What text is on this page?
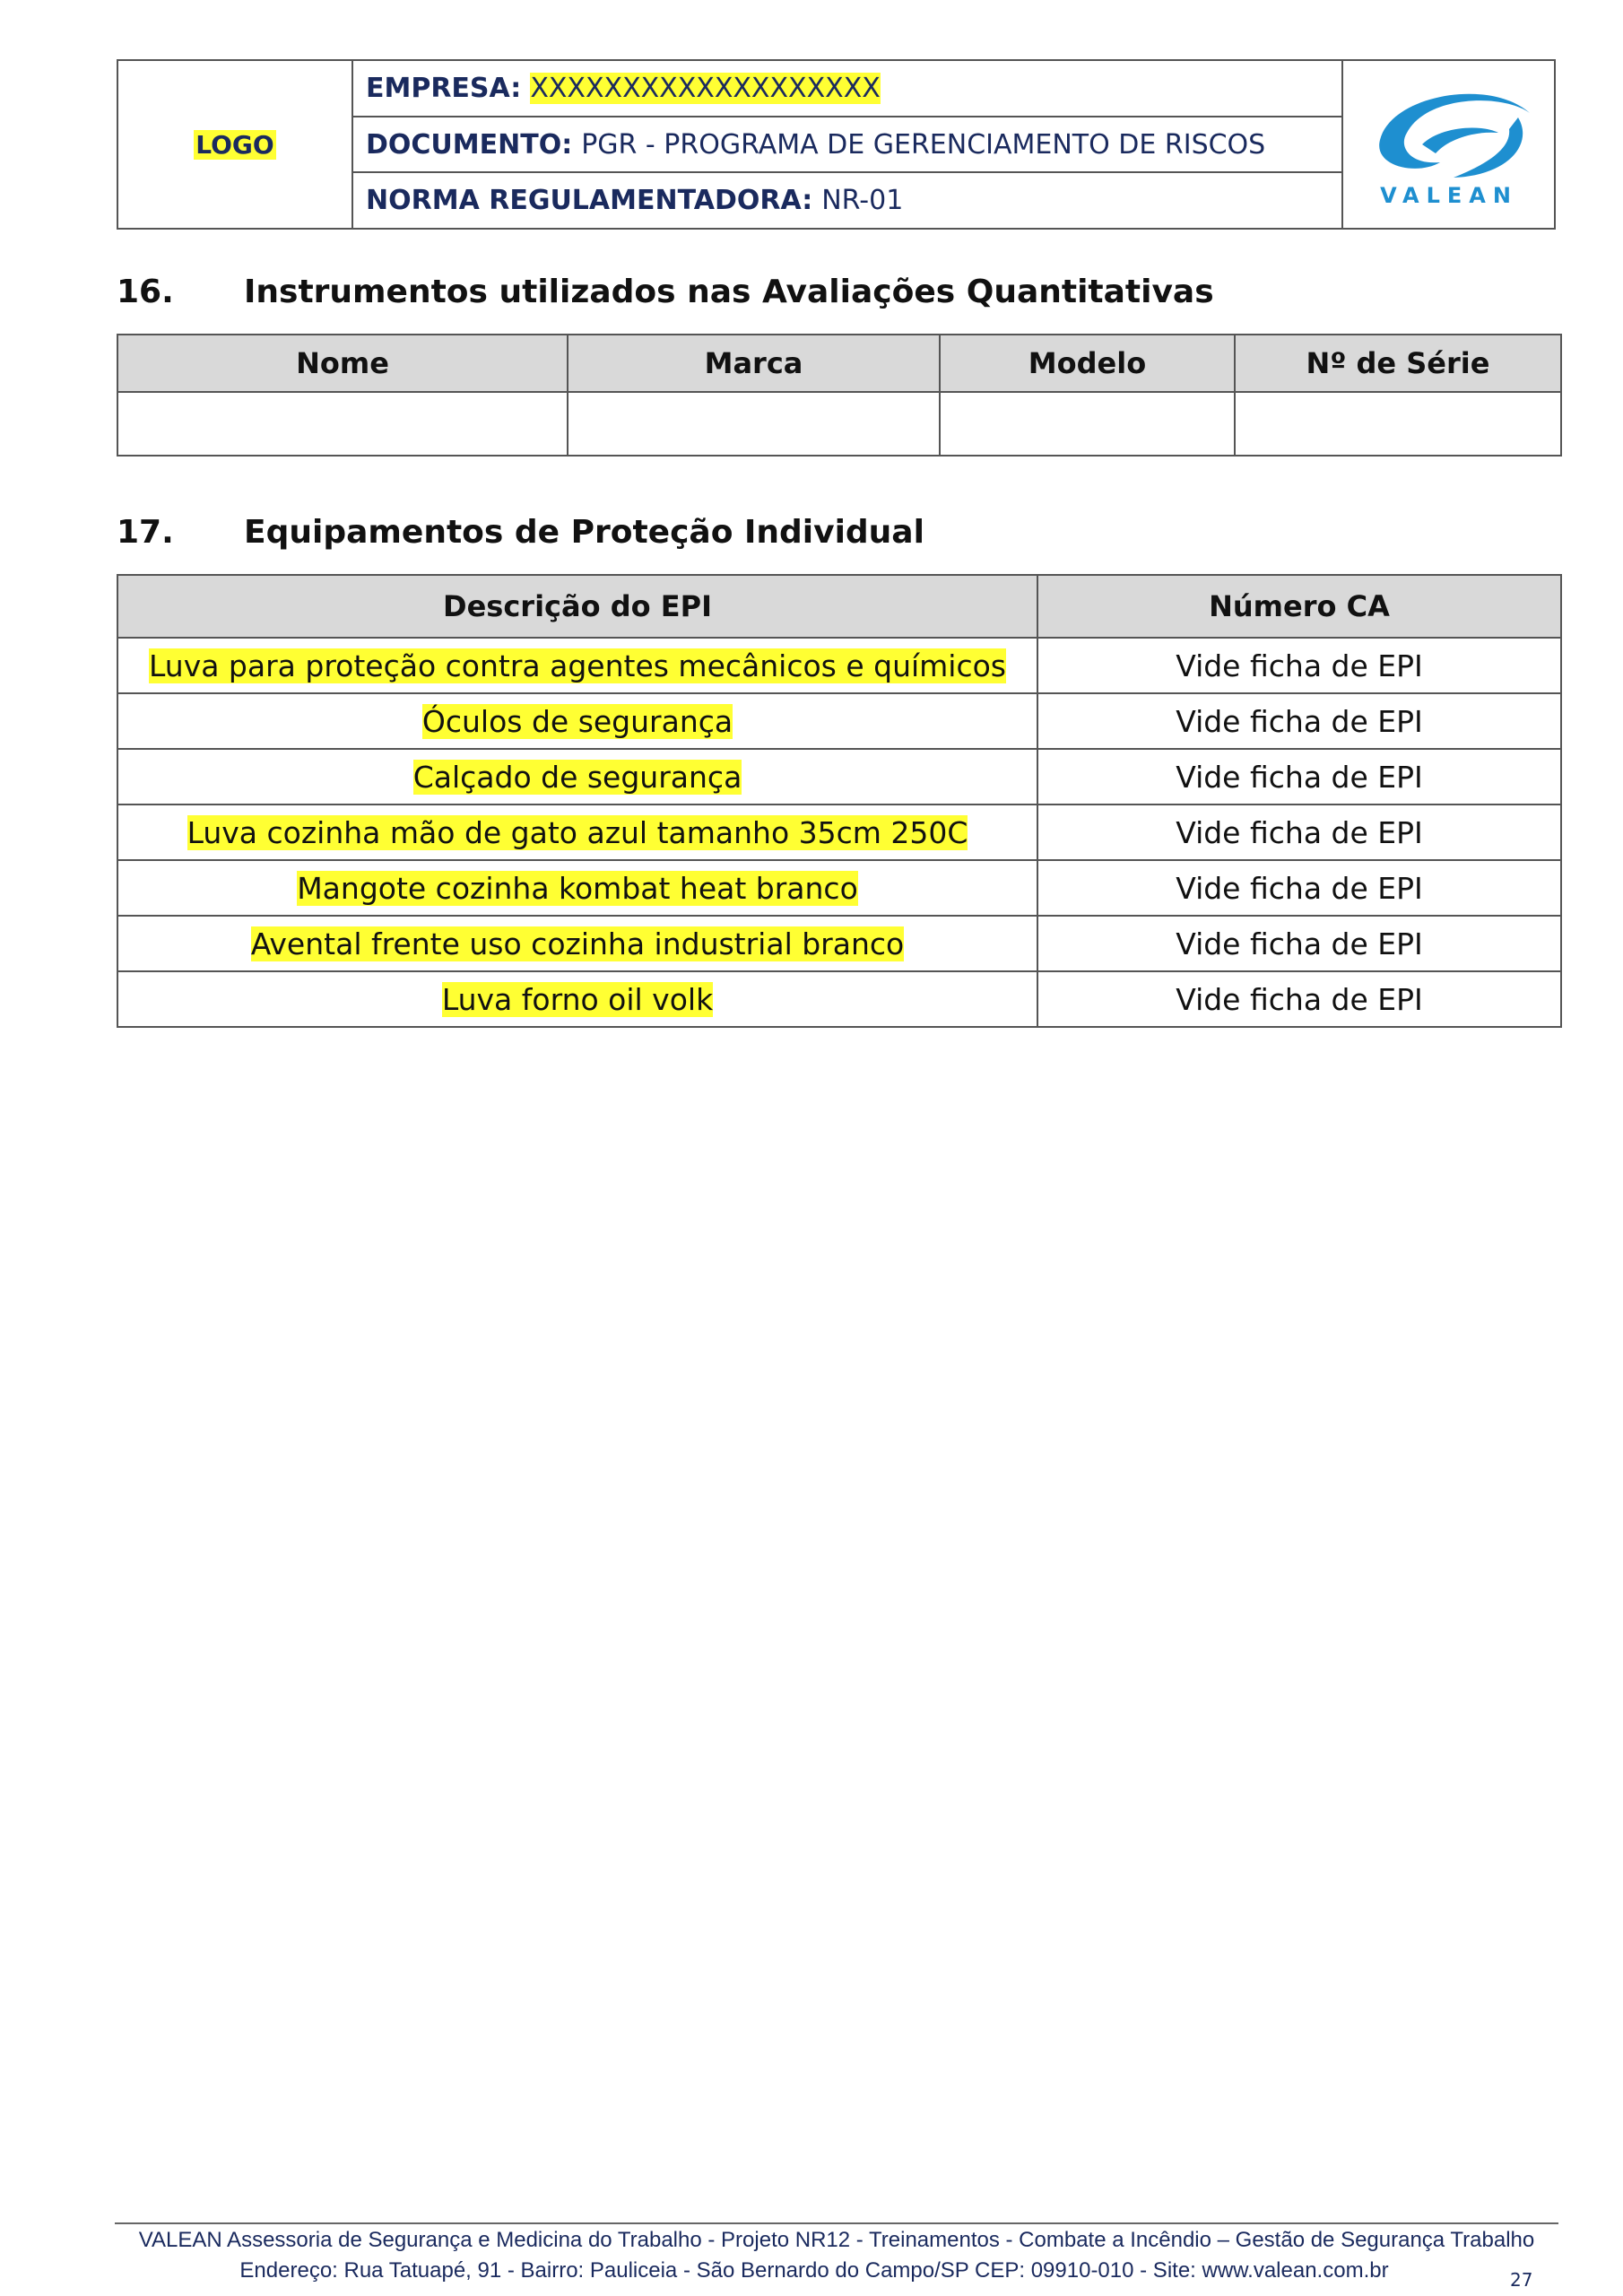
LOGO
EMPRESA: XXXXXXXXXXXXXXXXXXX
DOCUMENTO: PGR - PROGRAMA DE GERENCIAMENTO DE RISCOS
NORMA REGULAMENTADORA: NR-01	VALEAN
16. Instrumentos utilizados nas Avaliações Quantitativas
Nome	Marca	Modelo	Nº de Série

17. Equipamentos de Proteção Individual
Descrição do EPI	Número CA
Luva para proteção contra agentes mecânicos e químicos	Vide ficha de EPI
Óculos de segurança	Vide ficha de EPI
Calçado de segurança	Vide ficha de EPI
Luva cozinha mão de gato azul tamanho 35cm 250C	Vide ficha de EPI
Mangote cozinha kombat heat branco	Vide ficha de EPI
Avental frente uso cozinha industrial branco	Vide ficha de EPI
Luva forno oil volk	Vide ficha de EPI
VALEAN Assessoria de Segurança e Medicina do Trabalho - Projeto NR12 - Treinamentos - Combate a Incêndio – Gestão de Segurança Trabalho
Endereço: Rua Tatuapé, 91 - Bairro: Pauliceia - São Bernardo do Campo/SP CEP: 09910-010 - Site: www.valean.com.br	27
